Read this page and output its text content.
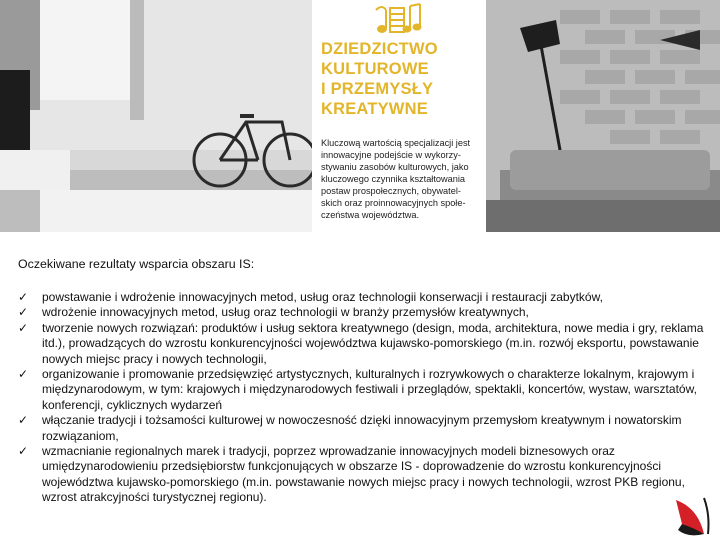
DZIEDZICTWO
KULTUROWE
I PRZEMYSŁY
KREATYWNE
Kluczową wartością specjalizacji jest
innowacyjne podejście w wykorzy-
stywaniu zasobów kulturowych, jako
kluczowego czynnika kształtowania
postaw prospołecznych, obywatel-
skich oraz proinnowacyjnych społe-
czeństwa województwa.
Oczekiwane rezultaty wsparcia obszaru IS:
✓ powstawanie i wdrożenie innowacyjnych metod, usług oraz technologii konserwacji i restauracji zabytków,
✓ wdrożenie innowacyjnych metod, usług oraz technologii w branży przemysłów kreatywnych,
✓ tworzenie nowych rozwiązań: produktów i usług sektora kreatywnego (design, moda, architektura, nowe media i gry, reklama itd.), prowadzących do wzrostu konkurencyjności województwa kujawsko-pomorskiego (m.in. rozwój eksportu, powstawanie nowych miejsc pracy i nowych technologii,
✓ organizowanie i promowanie przedsięwzięć artystycznych, kulturalnych i rozrywkowych o charakterze lokalnym, krajowym i międzynarodowym, w tym: krajowych i międzynarodowych festiwali i przeglądów, spektakli, koncertów, wystaw, warsztatów, konferencji, cyklicznych wydarzeń
✓ włączanie tradycji i tożsamości kulturowej w nowoczesność dzięki innowacyjnym przemysłom kreatywnym i nowatorskim rozwiązaniom,
✓ wzmacnianie regionalnych marek i tradycji, poprzez wprowadzanie innowacyjnych modeli biznesowych oraz umiędzynarodowieniu przedsiębiorstw funkcjonujących w obszarze IS - doprowadzenie do wzrostu konkurencyjności województwa kujawsko-pomorskiego (m.in. powstawanie nowych miejsc pracy i nowych technologii, wzrost PKB regionu, wzrost atrakcyjności turystycznej regionu).
